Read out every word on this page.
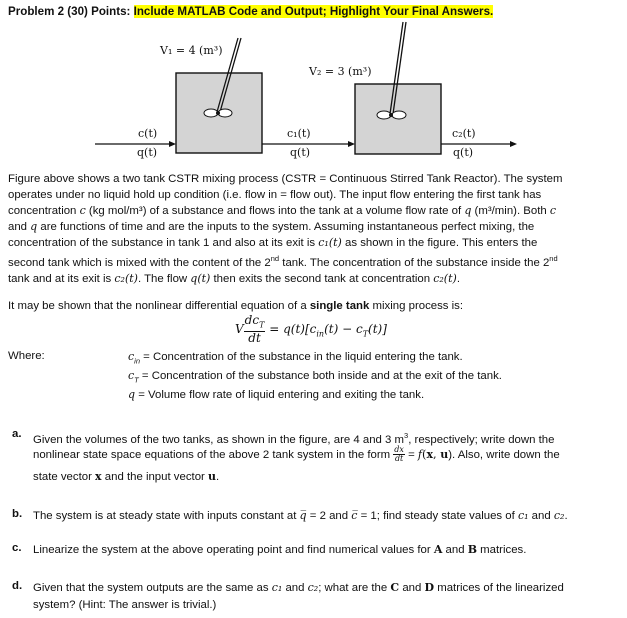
Problem 2 (30) Points: Include MATLAB Code and Output; Highlight Your Final Answers.
V₁ = 4 (m³)
V₂ = 3 (m³)
c(t)
q(t)
c₁(t)
q(t)
c₂(t)
q(t)
Figure above shows a two tank CSTR mixing process (CSTR = Continuous Stirred Tank Reactor). The system
operates under no liquid hold up condition (i.e. flow in = flow out). The input flow entering the first tank has
concentration c (kg mol/m³) of a substance and flows into the tank at a volume flow rate of q (m³/min). Both c
and q are functions of time and are the inputs to the system. Assuming instantaneous perfect mixing, the
concentration of the substance in tank 1 and also at its exit is c₁(t) as shown in the figure. This enters the
second tank which is mixed with the content of the 2nd tank. The concentration of the substance inside the 2nd
tank and at its exit is c₂(t). The flow q(t) then exits the second tank at concentration c₂(t).
It may be shown that the nonlinear differential equation of a single tank mixing process is:
V $\frac{dc_T}{dt} = q(t)[c_{in}(t) - c_T(t)]$
Where:	$c_{in}$ = Concentration of the substance in the liquid entering the tank.
$c_T$ = Concentration of the substance both inside and at the exit of the tank.
q = Volume flow rate of liquid entering and exiting the tank.
a. Given the volumes of the two tanks, as shown in the figure, are 4 and 3 $m^3$, respectively; write down the
nonlinear state space equations of the above 2 tank system in the form $\frac{dx}{dt} = f(x$, u). Also, write down the
state vector x and the input vector u.
b. The system is at steady state with inputs constant at q̅ = 2 and c̅ = 1; find steady state values of c₁ and c₂.
c. Linearize the system at the above operating point and find numerical values for A and B matrices.
d. Given that the system outputs are the same as c₁ and c₂; what are the C and D matrices of the linearized
system? (Hint: The answer is trivial.)
